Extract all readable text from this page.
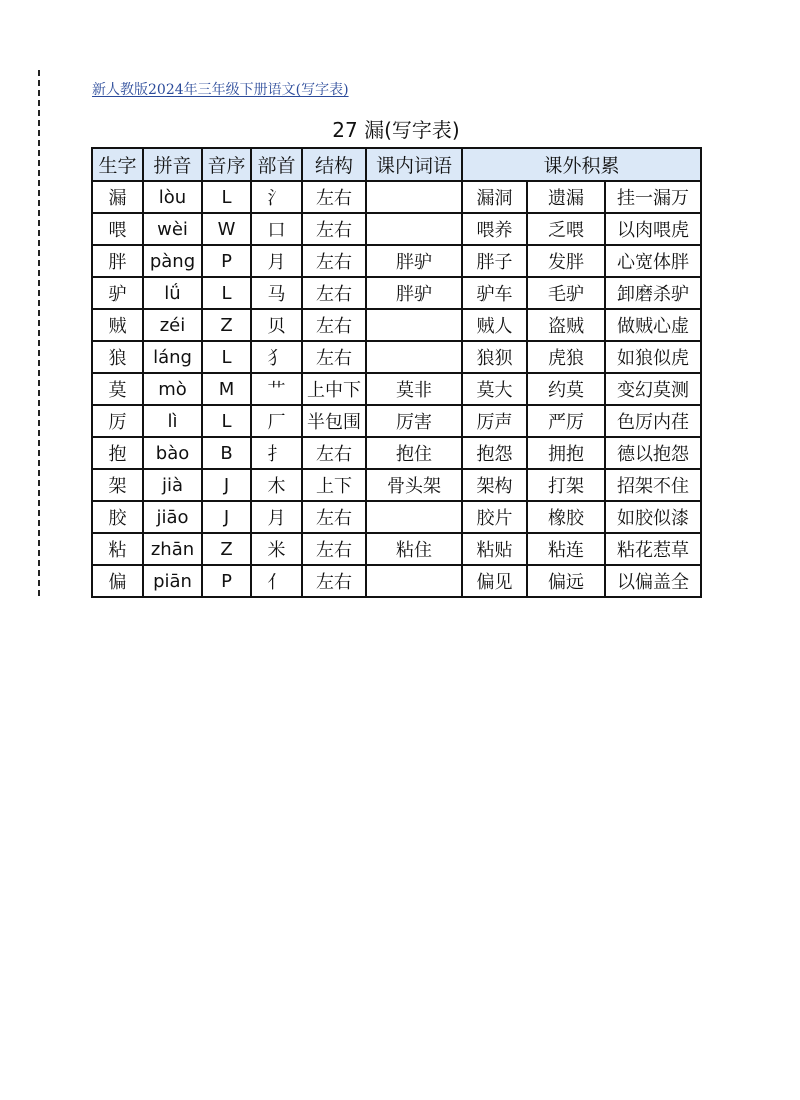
新人教版2024年三年级下册语文(写字表)
27 漏(写字表)
生字	拼音	音序	部首	结构	课内词语	课外积累		
漏	lòu	L	氵	左右		漏洞	遗漏	挂一漏万
喂	wèi	W	口	左右		喂养	乏喂	以肉喂虎
胖	pàng	P	月	左右	胖驴	胖子	发胖	心宽体胖
驴	lǘ	L	马	左右	胖驴	驴车	毛驴	卸磨杀驴
贼	zéi	Z	贝	左右		贼人	盗贼	做贼心虚
狼	láng	L	犭	左右		狼狈	虎狼	如狼似虎
莫	mò	M	艹	上中下	莫非	莫大	约莫	变幻莫测
厉	lì	L	厂	半包围	厉害	厉声	严厉	色厉内荏
抱	bào	B	扌	左右	抱住	抱怨	拥抱	德以抱怨
架	jià	J	木	上下	骨头架	架构	打架	招架不住
胶	jiāo	J	月	左右		胶片	橡胶	如胶似漆
粘	zhān	Z	米	左右	粘住	粘贴	粘连	粘花惹草
偏	piān	P	亻	左右		偏见	偏远	以偏盖全
